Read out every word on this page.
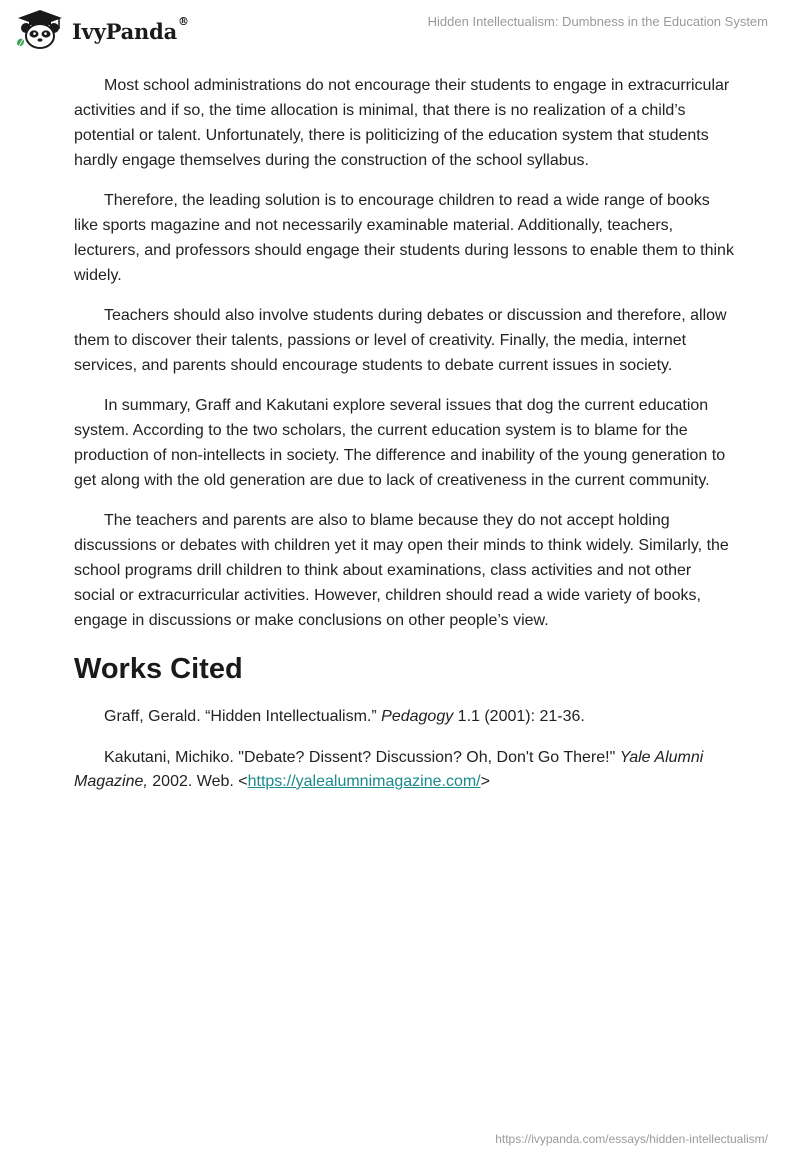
IvyPanda ®	Hidden Intellectualism: Dumbness in the Education System

Most school administrations do not encourage their students to engage in extracurricular activities and if so, the time allocation is minimal, that there is no realization of a child’s potential or talent. Unfortunately, there is politicizing of the education system that students hardly engage themselves during the construction of the school syllabus.

Therefore, the leading solution is to encourage children to read a wide range of books like sports magazine and not necessarily examinable material. Additionally, teachers, lecturers, and professors should engage their students during lessons to enable them to think widely.

Teachers should also involve students during debates or discussion and therefore, allow them to discover their talents, passions or level of creativity. Finally, the media, internet services, and parents should encourage students to debate current issues in society.

In summary, Graff and Kakutani explore several issues that dog the current education system. According to the two scholars, the current education system is to blame for the production of non-intellects in society. The difference and inability of the young generation to get along with the old generation are due to lack of creativeness in the current community.

The teachers and parents are also to blame because they do not accept holding discussions or debates with children yet it may open their minds to think widely. Similarly, the school programs drill children to think about examinations, class activities and not other social or extracurricular activities. However, children should read a wide variety of books, engage in discussions or make conclusions on other people’s view.

Works Cited

Graff, Gerald. “Hidden Intellectualism.” Pedagogy 1.1 (2001): 21-36.

Kakutani, Michiko. "Debate? Dissent? Discussion? Oh, Don't Go There!" Yale Alumni Magazine, 2002. Web. <https://yalealumnimagazine.com/>

https://ivypanda.com/essays/hidden-intellectualism/
